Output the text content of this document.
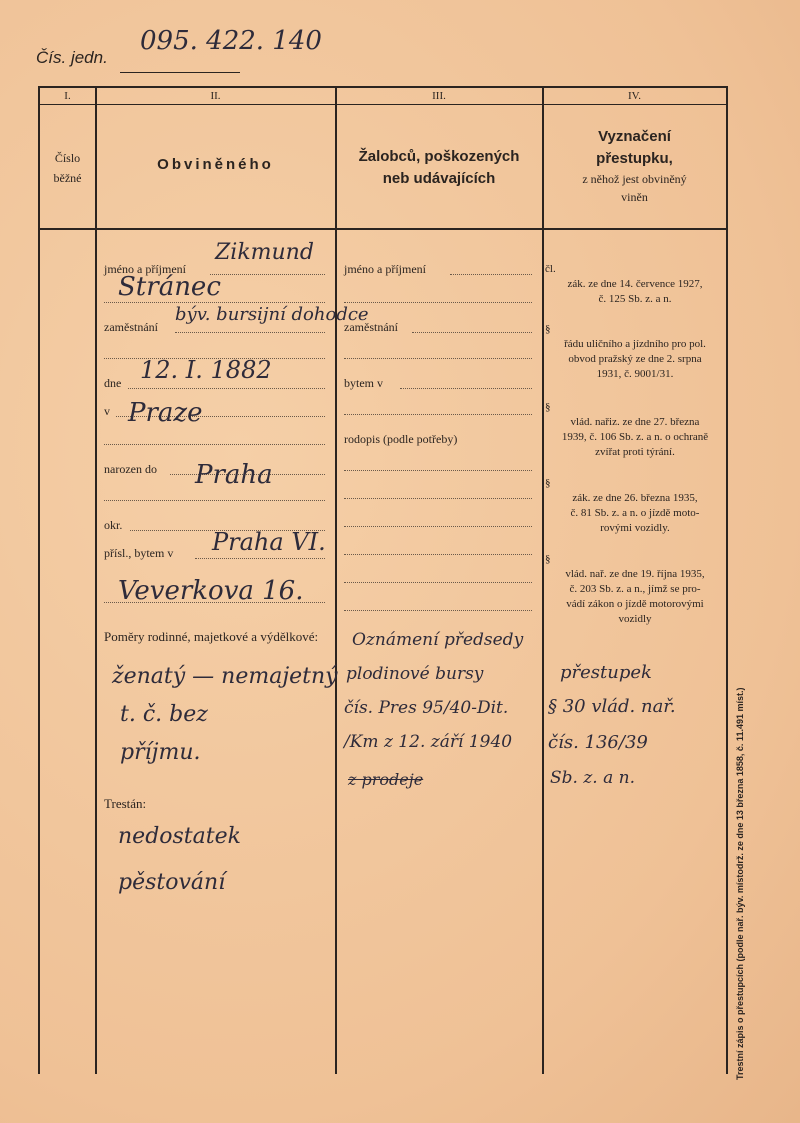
Čís. jedn.
095. 422. 140
I.	II.	III.	IV.
Číslo
běžné
Obviněného	Žalobců, poškozených
neb udávajících
Vyznačení
přestupku,
z něhož jest obviněný
viněn
jméno a příjmení
Zikmund
Stránec
zaměstnání
býv. bursijní dohodce
dne 12. I. 1882
v Praze
narozen do Praha
okr.
přísl., bytem v Praha VI.
Veverkova 16.
Poměry rodinné, majetkové a výdělkové:
ženatý — nemajetný
t. č. bez
příjmu.
Trestán:
nedostatek
pěstování
jméno a příjmení
zaměstnání
bytem v
rodopis (podle potřeby)
Oznámení předsedy
plodinové bursy
čís. Pres 95/40-Dit.
/Km z 12. září 1940
z prodeje
čl.
zák. ze dne 14. července 1927,
č. 125 Sb. z. a n.
§
řádu uličního a jízdního pro pol.
obvod pražský ze dne 2. srpna
1931, č. 9001/31.
§
vlád. nařiz. ze dne 27. března
1939, č. 106 Sb. z. a n. o ochraně
zvířat proti týrání.
§
zák. ze dne 26. března 1935,
č. 81 Sb. z. a n. o jízdě moto-
rovými vozidly.
§
vlád. nař. ze dne 19. října 1935,
č. 203 Sb. z. a n., jímž se pro-
vádí zákon o jízdě motorovými
vozidly
přestupek
§ 30 vlád. nař.
čís. 136/39
Sb. z. a n.	Trestní zápis o přestupcích (podle nař. býv. místodrž. ze dne 13 března 1858, č. 11.491 míst.)
